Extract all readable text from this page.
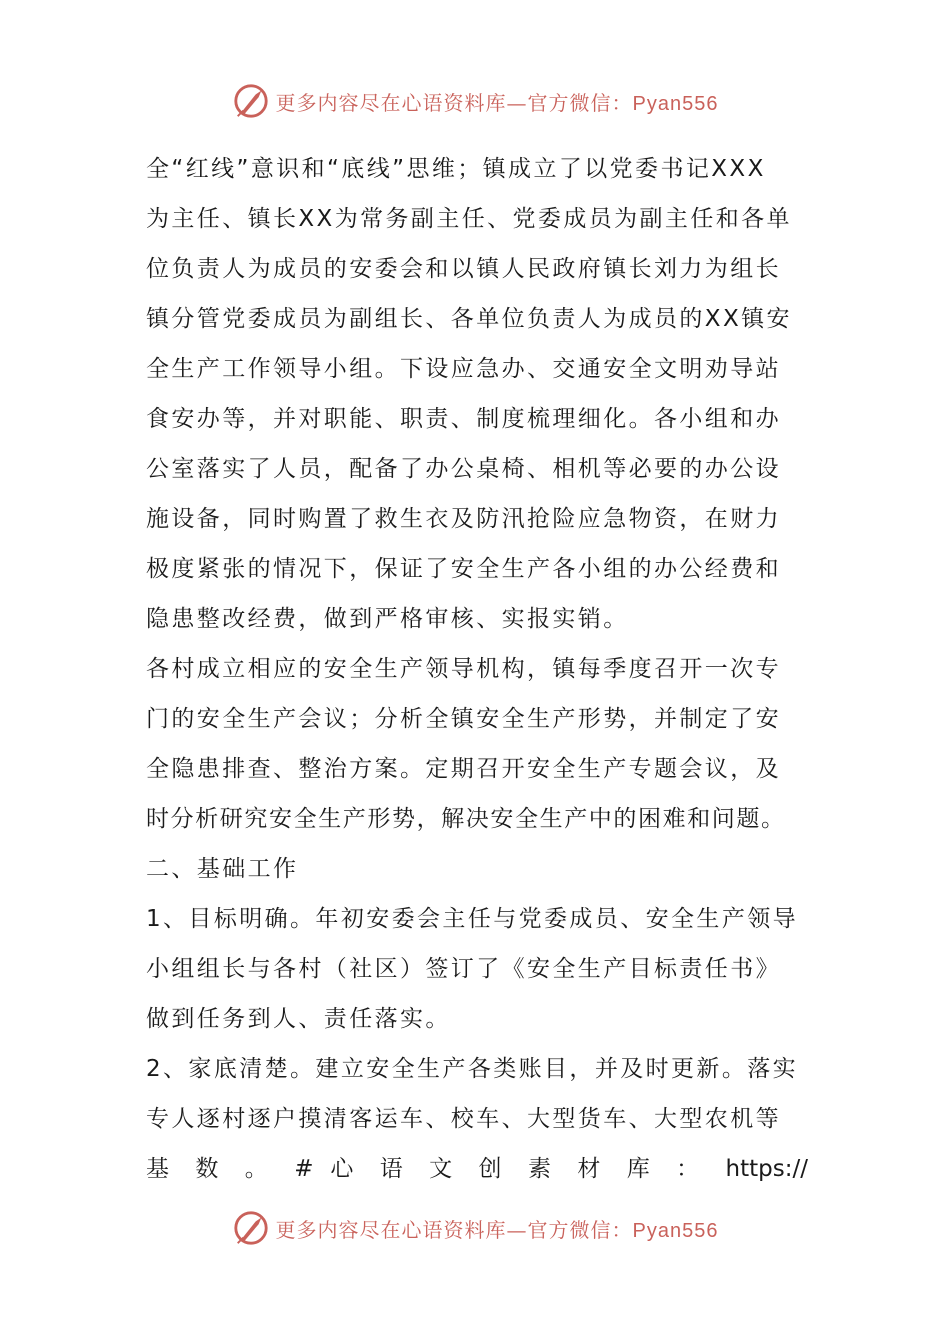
更多内容尽在心语资料库—官方微信：Pyan556
全“红线”意识和“底线”思维；镇成立了以党委书记XXX
为主任、镇长XX为常务副主任、党委成员为副主任和各单
位负责人为成员的安委会和以镇人民政府镇长刘力为组长
镇分管党委成员为副组长、各单位负责人为成员的XX镇安
全生产工作领导小组。下设应急办、交通安全文明劝导站
食安办等，并对职能、职责、制度梳理细化。各小组和办
公室落实了人员，配备了办公桌椅、相机等必要的办公设
施设备，同时购置了救生衣及防汛抢险应急物资，在财力
极度紧张的情况下，保证了安全生产各小组的办公经费和
隐患整改经费，做到严格审核、实报实销。
各村成立相应的安全生产领导机构，镇每季度召开一次专
门的安全生产会议；分析全镇安全生产形势，并制定了安
全隐患排查、整治方案。定期召开安全生产专题会议，及
时分析研究安全生产形势，解决安全生产中的困难和问题。
二、基础工作
1、目标明确。年初安委会主任与党委成员、安全生产领导
小组组长与各村（社区）签订了《安全生产目标责任书》
做到任务到人、责任落实。
2、家底清楚。建立安全生产各类账目，并及时更新。落实
专人逐村逐户摸清客运车、校车、大型货车、大型农机等
基 数 。 # 心 语 文 创 素 材 库 ： https://
更多内容尽在心语资料库—官方微信：Pyan556
